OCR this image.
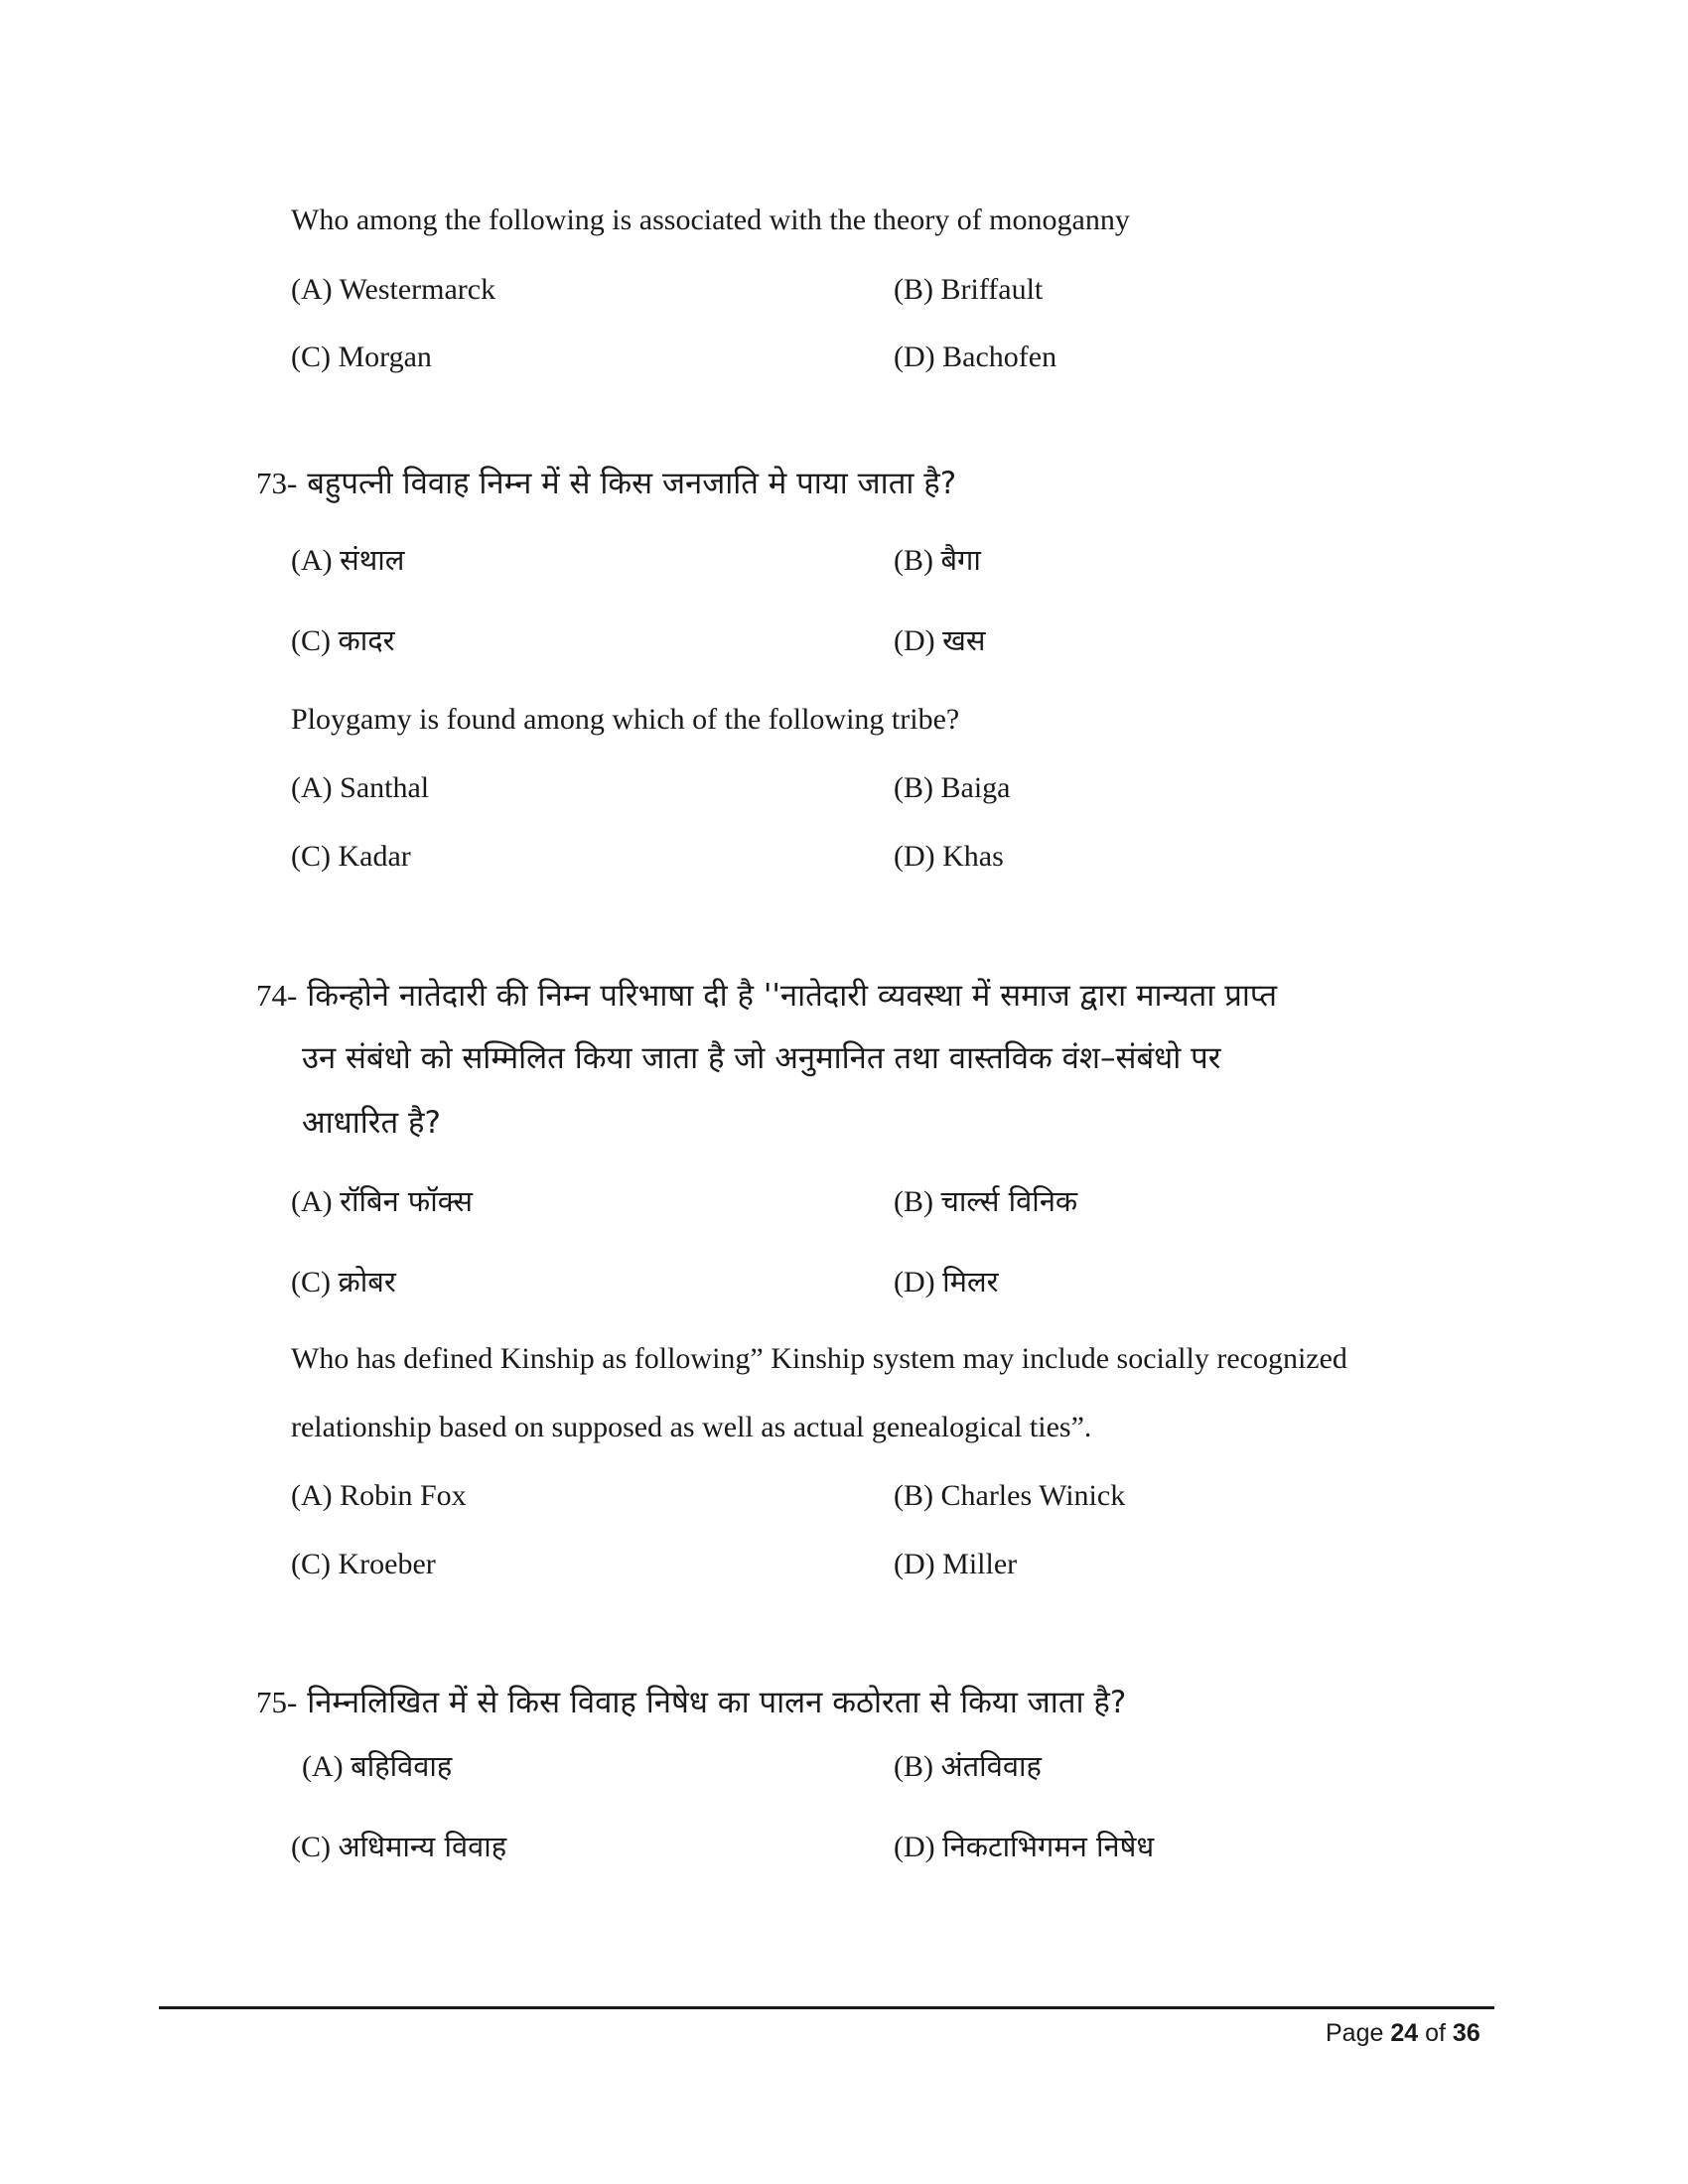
Who among the following is associated with the theory of monoganny
(A) Westermarck	(B) Briffault
(C) Morgan	(D) Bachofen
73- बहुपत्नी विवाह निम्न में से किस जनजाति मे पाया जाता है?
(A) संथाल	(B) बैगा
(C) कादर	(D) खस
Ploygamy is found among which of the following tribe?
(A) Santhal	(B) Baiga
(C) Kadar	(D) Khas
74- किन्होने नातेदारी की निम्न परिभाषा दी है ''नातेदारी व्यवस्था में समाज द्वारा मान्यता प्राप्त
उन संबंधो को सम्मिलित किया जाता है जो अनुमानित तथा वास्तविक वंश–संबंधो पर
आधारित है?
(A) रॉबिन फॉक्स	(B) चार्ल्स विनिक
(C) क्रोबर	(D) मिलर
Who has defined Kinship as following” Kinship system may include socially recognized
relationship based on supposed as well as actual genealogical ties”.
(A) Robin Fox	(B) Charles Winick
(C) Kroeber	(D) Miller
75- निम्नलिखित में से किस विवाह निषेध का पालन कठोरता से किया जाता है?
(A) बहिविवाह	(B) अंतविवाह
(C) अधिमान्य विवाह	(D) निकटाभिगमन निषेध
Page 24 of 36
